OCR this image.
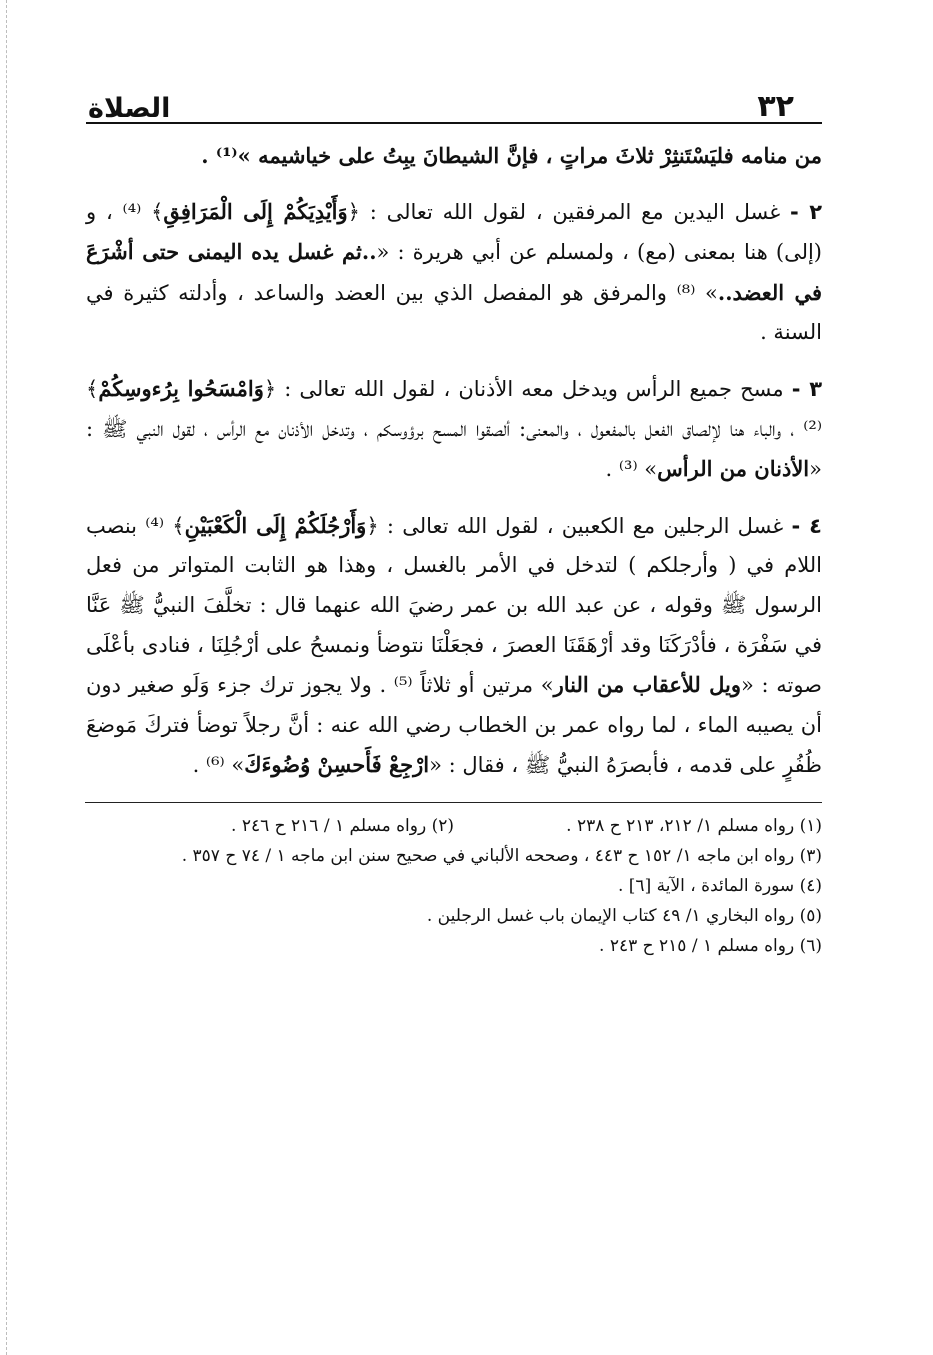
٣٢
الصلاة

من منامه فليَسْتَنثِرْ ثلاثَ مراتٍ ، فإنَّ الشيطانَ يبِتُ على خياشيمه »⁽¹⁾ .

٢ - غسل اليدين مع المرفقين ، لقول الله تعالى : ﴿وَأَيْدِيَكُمْ إِلَى الْمَرَافِقِ﴾ ⁽⁴⁾ ، و (إلى) هنا بمعنى (مع) ، ولمسلم عن أبي هريرة : «..ثم غسل يده اليمنى حتى أشْرَعَ في العضد..» ⁽⁸⁾ والمرفق هو المفصل الذي بين العضد والساعد ، وأدلته كثيرة في السنة .

٣ - مسح جميع الرأس ويدخل معه الأذنان ، لقول الله تعالى : ﴿وَامْسَحُوا بِرُءوسِكُمْ﴾ ⁽²⁾ ، والباء هنا لإلصاق الفعل بالمفعول ، والمعنى: ألصقوا المسح برؤوسكم ، وتدخل الأذنان مع الرأس ، لقول النبي ﷺ : «الأذنان من الرأس» ⁽³⁾ .

٤ - غسل الرجلين مع الكعبين ، لقول الله تعالى : ﴿وَأَرْجُلَكُمْ إِلَى الْكَعْبَيْنِ﴾ ⁽⁴⁾ بنصب اللام في ( وأرجلكم ) لتدخل في الأمر بالغسل ، وهذا هو الثابت المتواتر من فعل الرسول ﷺ وقوله ، عن عبد الله بن عمر رضيَ الله عنهما قال : تخلَّفَ النبيُّ ﷺ عَنَّا في سَفْرَة ، فأدْرَكَنَا وقد أرْهَقَنَا العصرَ ، فجعَلْنَا نتوضأ ونمسحُ على أرْجُلِنَا ، فنادى بأعْلَى صوته : «ويل للأعقاب من النار» مرتين أو ثلاثاً ⁽⁵⁾ . ولا يجوز ترك جزء وَلَو صغير دون أن يصيبه الماء ، لما رواه عمر بن الخطاب رضي الله عنه : أنَّ رجلاً توضأ فتركَ مَوضعَ ظُفُرٍ على قدمه ، فأبصرَهُ النبيُّ ﷺ ، فقال : «ارْجِعْ فَأَحسِنْ وُضُوءَكَ» ⁽⁶⁾ .

(١) رواه مسلم ١/ ٢١٢، ٢١٣ ح ٢٣٨ .
(٢) رواه مسلم ١ / ٢١٦ ح ٢٤٦ .

(٣) رواه ابن ماجه ١/ ١٥٢ ح ٤٤٣ ، وصححه الألباني في صحيح سنن ابن ماجه ١ / ٧٤ ح ٣٥٧ .

(٤) سورة المائدة ، الآية [٦] .

(٥) رواه البخاري ١/ ٤٩ كتاب الإيمان باب غسل الرجلين .

(٦) رواه مسلم ١ / ٢١٥ ح ٢٤٣ .
